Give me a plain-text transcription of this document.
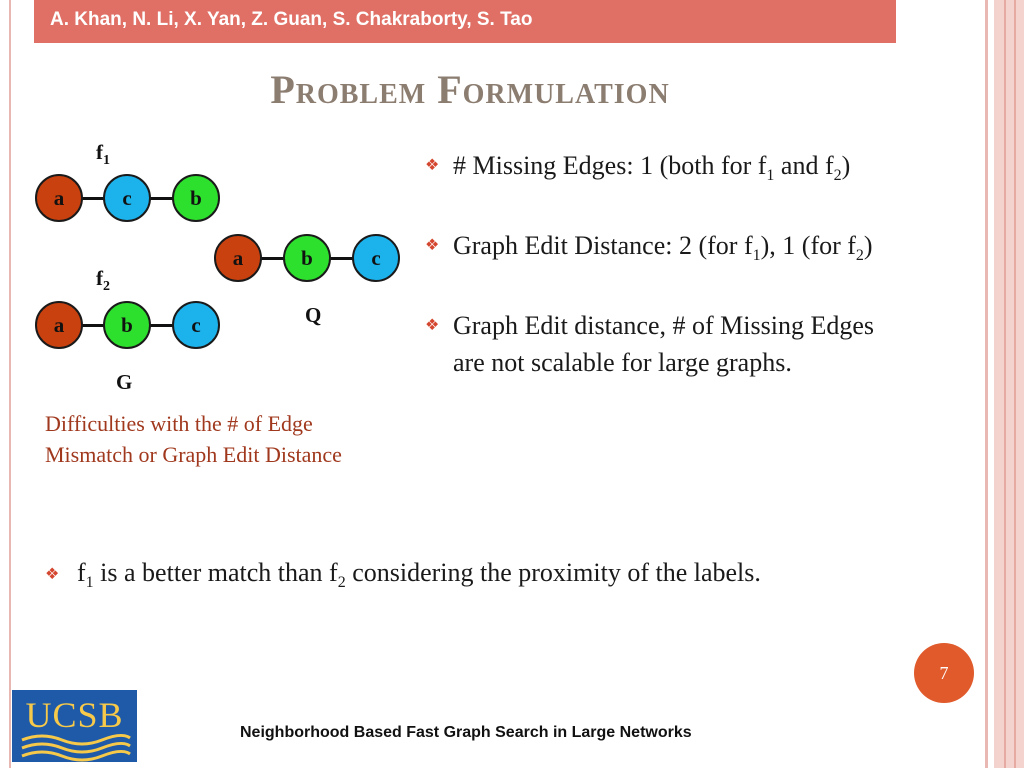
A. Khan, N. Li, X. Yan, Z. Guan, S. Chakraborty, S. Tao
Problem Formulation
$f_1$
a	c	b
a	b	c
Q
$f_2$
a	b	c
G
Difficulties with the # of Edge Mismatch or Graph Edit Distance
❖ # Missing Edges: 1 (both for $f_1$ and $f_2$)
❖ Graph Edit Distance: 2 (for $f_1$), 1 (for $f_2$)
❖ Graph Edit distance, # of Missing Edges are not scalable for large graphs.
❖ $f_1$ is a better match than $f_2$ considering the proximity of the labels.
7
UCSB	Neighborhood Based Fast Graph Search in Large Networks
